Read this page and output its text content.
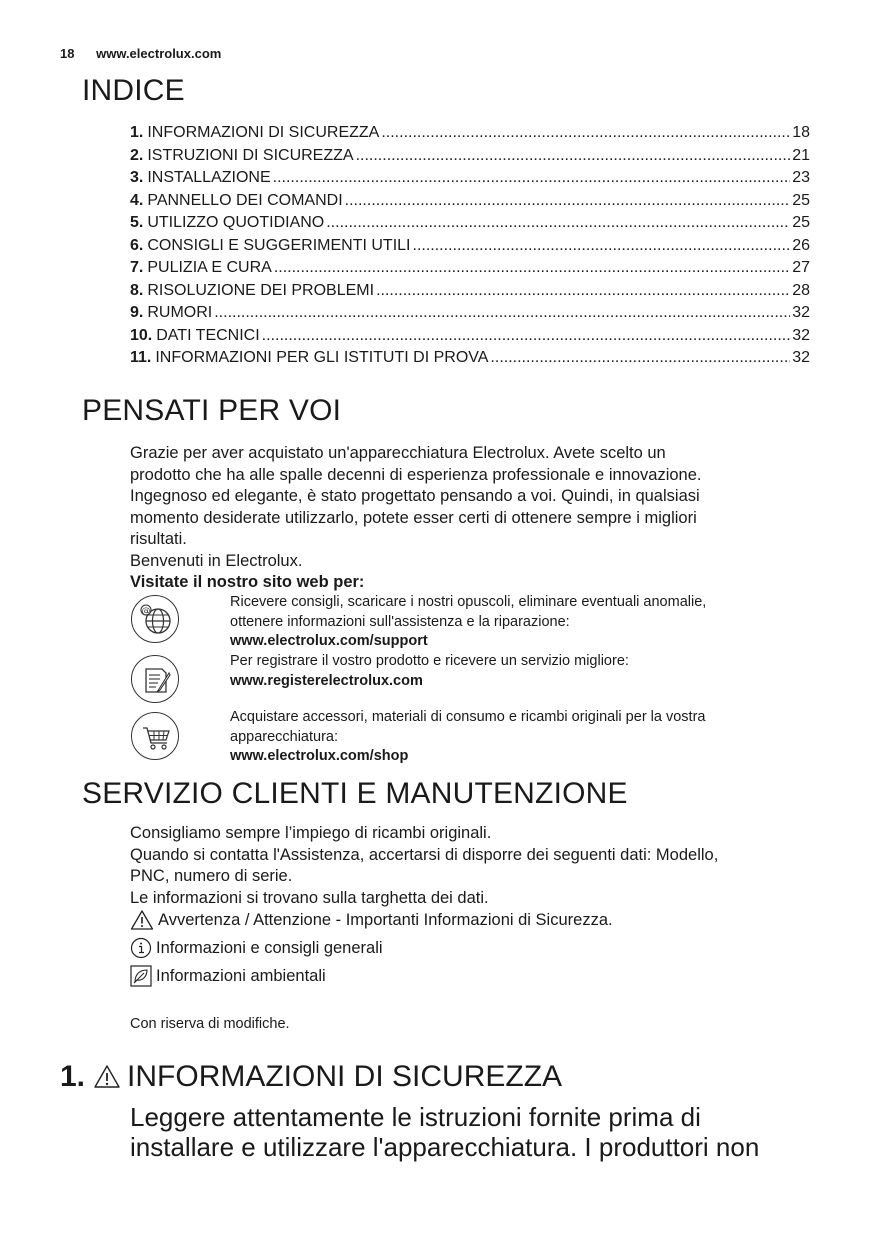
18 www.electrolux.com
INDICE
1. INFORMAZIONI DI SICUREZZA .....	18
2. ISTRUZIONI DI SICUREZZA .....	21
3. INSTALLAZIONE .....	23
4. PANNELLO DEI COMANDI .....	25
5. UTILIZZO QUOTIDIANO .....	25
6. CONSIGLI E SUGGERIMENTI UTILI .....	26
7. PULIZIA E CURA .....	27
8. RISOLUZIONE DEI PROBLEMI .....	28
9. RUMORI .....	32
10. DATI TECNICI .....	32
11. INFORMAZIONI PER GLI ISTITUTI DI PROVA .....	32
PENSATI PER VOI
Grazie per aver acquistato un'apparecchiatura Electrolux. Avete scelto un
prodotto che ha alle spalle decenni di esperienza professionale e innovazione.
Ingegnoso ed elegante, è stato progettato pensando a voi. Quindi, in qualsiasi
momento desiderate utilizzarlo, potete esser certi di ottenere sempre i migliori
risultati.
Benvenuti in Electrolux.
Visitate il nostro sito web per:
@
Ricevere consigli, scaricare i nostri opuscoli, eliminare eventuali anomalie,
ottenere informazioni sull'assistenza e la riparazione:
www.electrolux.com/support
Per registrare il vostro prodotto e ricevere un servizio migliore:
www.registerelectrolux.com
Acquistare accessori, materiali di consumo e ricambi originali per la vostra
apparecchiatura:
www.electrolux.com/shop
SERVIZIO CLIENTI E MANUTENZIONE
Consigliamo sempre l’impiego di ricambi originali.
Quando si contatta l'Assistenza, accertarsi di disporre dei seguenti dati: Modello,
PNC, numero di serie.
Le informazioni si trovano sulla targhetta dei dati.
Avvertenza / Attenzione - Importanti Informazioni di Sicurezza.
Informazioni e consigli generali
Informazioni ambientali
Con riserva di modifiche.
1. INFORMAZIONI DI SICUREZZA
Leggere attentamente le istruzioni fornite prima di
installare e utilizzare l'apparecchiatura. I produttori non
